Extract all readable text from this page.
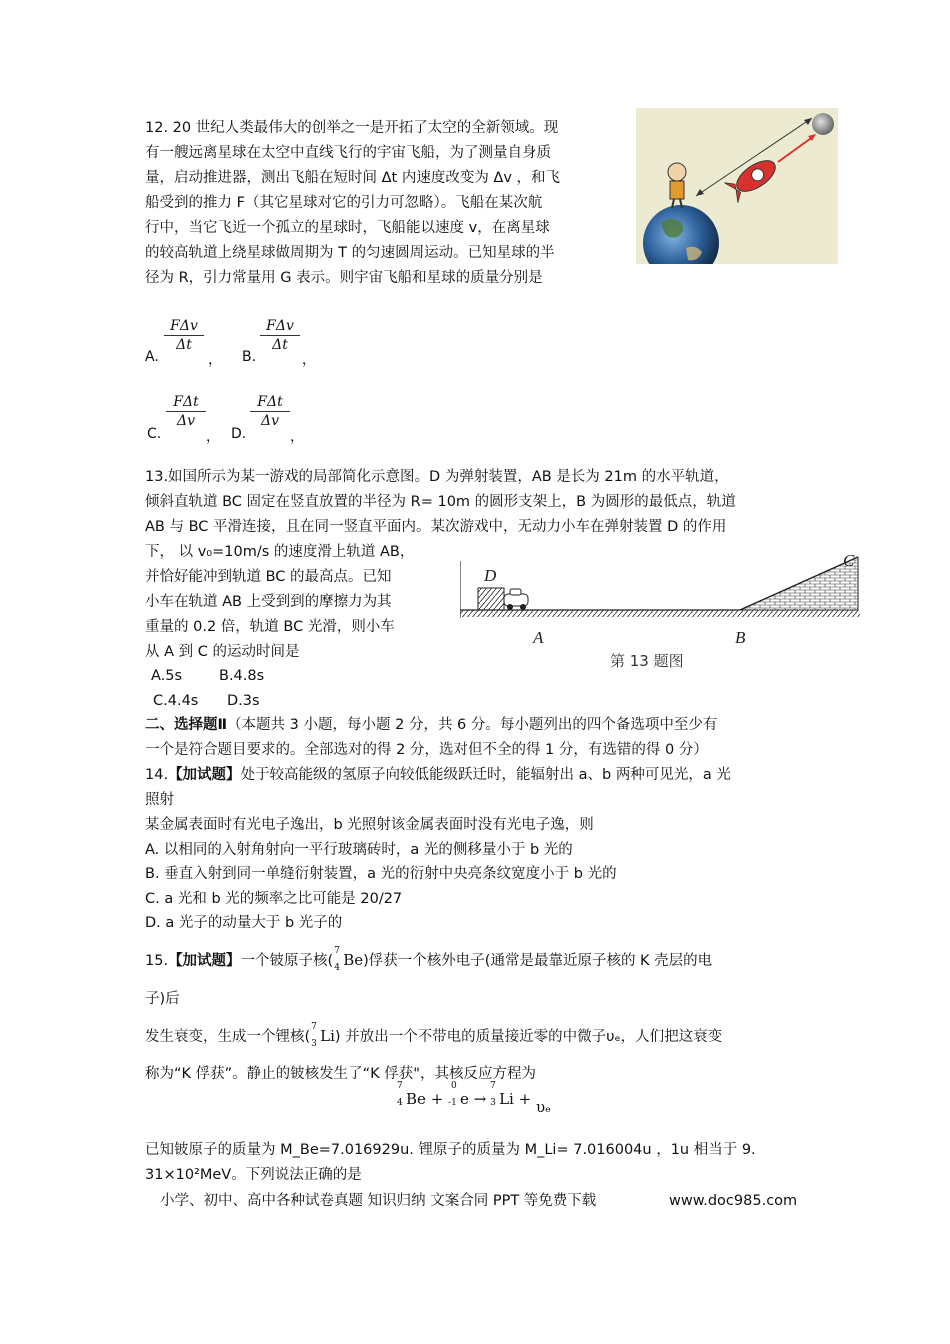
12. 20 世纪人类最伟大的创举之一是开拓了太空的全新领域。现
有一艘远离星球在太空中直线飞行的宇宙飞船，为了测量自身质
量，启动推进器，测出飞船在短时间 Δt 内速度改变为 Δv ，和飞
船受到的推力 F（其它星球对它的引力可忽略）。飞船在某次航
行中，当它飞近一个孤立的星球时，飞船能以速度 v，在离星球
的较高轨道上绕星球做周期为 T 的匀速圆周运动。已知星球的半
径为 R，引力常量用 G 表示。则宇宙飞船和星球的质量分别是
A.
FΔv
Δt
， B.
FΔv
Δt
，
C.
FΔt
Δv
， D.
FΔt
Δv
，
13.如国所示为某一游戏的局部简化示意图。D 为弹射装置，AB 是长为 21m 的水平轨道，
倾斜直轨道 BC 固定在竖直放置的半径为 R= 10m 的圆形支架上，B 为圆形的最低点，轨道
AB 与 BC 平滑连接，且在同一竖直平面内。某次游戏中，无动力小车在弹射装置 D 的作用
下， 以 v₀=10m/s 的速度滑上轨道 AB，
并恰好能冲到轨道 BC 的最高点。已知
小车在轨道 AB 上受到到的摩擦力为其
重量的 0.2 倍，轨道 BC 光滑，则小车
从 A 到 C 的运动时间是
A.5s	B.4.8s
C.4.4s D.3s
D
A	B
C
第 13 题图
二、选择题Ⅱ（本题共 3 小题，每小题 2 分，共 6 分。每小题列出的四个备选项中至少有
一个是符合题目要求的。全部选对的得 2 分，选对但不全的得 1 分，有选错的得 0 分）
14.【加试题】处于较高能级的氢原子向较低能级跃迁时，能辐射出 a、b 两种可见光，a 光
照射
某金属表面时有光电子逸出，b 光照射该金属表面时没有光电子逸，则
A. 以相同的入射角射向一平行玻璃砖时，a 光的侧移量小于 b 光的
B. 垂直入射到同一单缝衍射装置，a 光的衍射中央亮条纹宽度小于 b 光的
C. a 光和 b 光的频率之比可能是 20/27
D. a 光子的动量大于 b 光子的
15.【加试题】一个铍原子核(
7
4 Be)俘获一个核外电子(通常是最靠近原子核的 K 壳层的电
子)后
发生衰变，生成一个锂核(
7
3 Li) 并放出一个不带电的质量接近零的中微子υₑ，人们把这衰变
称为“K 俘获”。静止的铍核发生了“K 俘获"，其核反应方程为
7
4 Be +
0
-1 e →
7
3 Li + υₑ
已知铍原子的质量为 M_Be=7.016929u. 锂原子的质量为 M_Li= 7.016004u ，1u 相当于 9.
31×10²MeV。下列说法正确的是
小学、初中、高中各种试卷真题 知识归纳 文案合同 PPT 等免费下载	www.doc985.com
